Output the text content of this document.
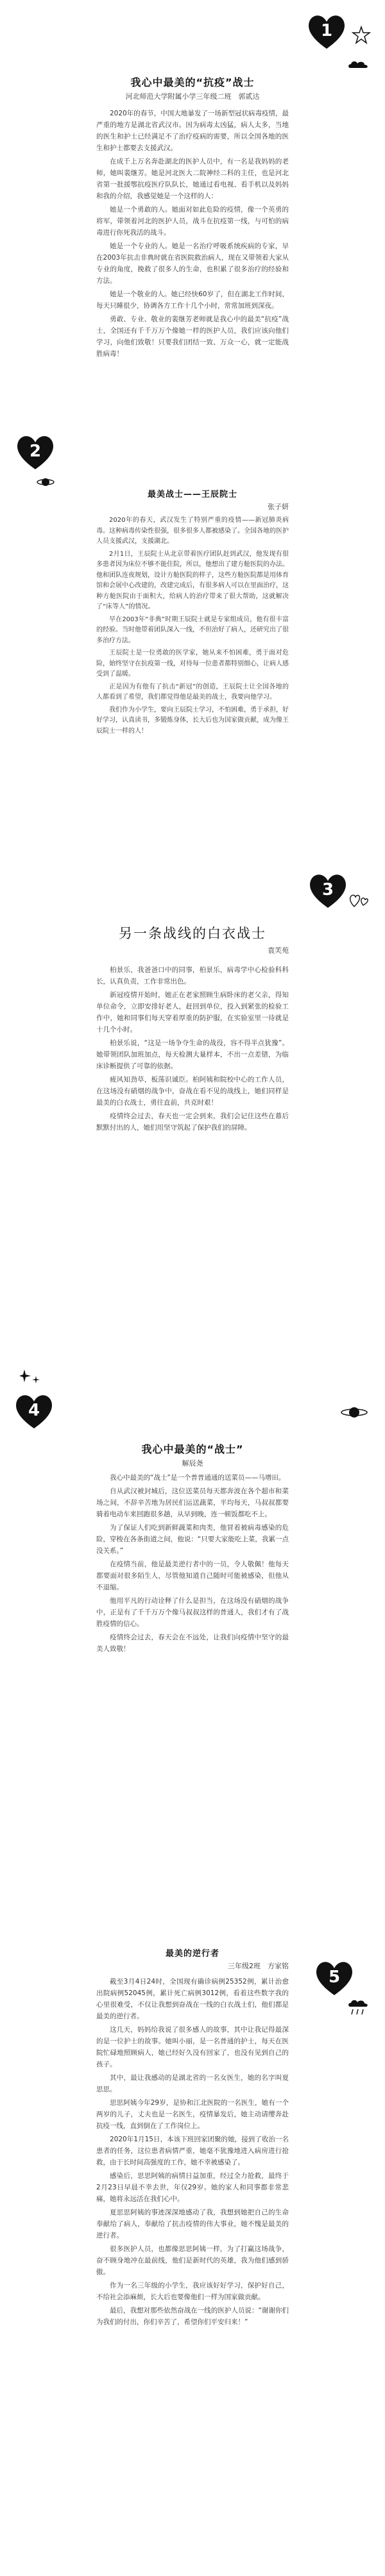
1
我心中最美的“抗疫”战士
河北师范大学附属小学三年级二班　郭贰达

2020年的春节，中国大地暴发了一场新型冠状病毒疫情，最严重的地方是湖北省武汉市。因为病毒太凶猛，病人太多，当地的医生和护士已经满足不了治疗疫病的需要，所以全国各地的医生和护士都要去支援武汉。

在成千上万名奔赴湖北的医护人员中，有一名是我妈妈的老师，她叫裴继芳。她是河北医大二院神经二科的主任，也是河北省第一批援鄂抗疫医疗队队长，她通过看电视、看手机以及妈妈和我的介绍，我感觉她是一个这样的人：

她是一个勇敢的人。她面对如此危险的疫情，像一个英勇的将军，带领着河北的医护人员，战斗在抗疫第一线，与可怕的病毒进行你死我活的战斗。

她是一个专业的人。她是一名治疗呼吸系统疾病的专家，早在2003年抗击非典时就在省医院救治病人，现在又带领着大家从专业的角度，挽救了很多人的生命，也积累了很多治疗的经验和方法。

她是一个敬业的人。她已经快60岁了，但在湖北工作时间，每天只睡很少，协调各方工作十几个小时，常常加班到深夜。

勇敢、专业、敬业的裴继芳老师就是我心中的最美“抗疫”战士，全国还有千千万万个像她一样的医护人员，我们应该向他们学习，向他们致敬！只要我们团结一致、万众一心，就一定能战胜病毒！

2
最美战士——王辰院士
张子妍

2020年的春天，武汉发生了特别严重的疫情——新冠肺炎病毒。这种病毒传染性很强，很多很多人都被感染了。全国各地的医护人员支援武汉，支援湖北。

2月1日，王辰院士从北京带着医疗团队赶到武汉，他发现有很多患者因为床位不够不能住院，所以，他想出了建方舱医院的办法。他和团队连夜规划，设计方舱医院的样子，这些方舱医院都是用体育馆和会展中心改建的，改建完成后，有很多病人可以在里面治疗，这种方舱医院由于面积大，给病人的治疗带来了很大帮助，这就解决了“床等人”的情况。

早在2003年“非典”时期王辰院士就是专家组成员，他有很丰富的经验。当时他带着团队深入一线，不但治好了病人，还研究出了很多治疗方法。

王辰院士是一位勇敢的医学家，她从来不怕困难，勇于面对危险，始终坚守在抗疫第一线，对待每一位患者都特别细心，让病人感受到了温暖。

正是因为有他有了抗击“新冠”的创造，王辰院士让全国各地的人都看到了希望，我们都觉得他是最美的战士，我要向他学习。

我们作为小学生，要向王辰院士学习，不怕困难，勇于承担，好好学习，认真读书，多锻炼身体，长大后也为国家做贡献，成为像王辰院士一样的人！

3
另一条战线的白衣战士
袁芙苑

柏景乐，我爸爸口中的同事，柏景乐，病毒学中心检验科科长，认真负责，工作非常出色。

新冠疫情开始时，她正在老家照顾生病卧床的老父亲，得知单位命令，立即安排好老人，赶回到单位，投入到紧张的检验工作中，她和同事们每天穿着厚重的防护服，在实验室里一待就是十几个小时。

柏景乐说，“这是一场争夺生命的战役，容不得半点犹豫”。她带领团队加班加点，每天检测大量样本，不出一点差错，为临床诊断提供了可靠的依据。

疲风知劲草，板荡识诚臣。柏阿姨和院校中心的工作人员，在这场没有硝烟的战争中，奋战在看不见的战线上，她们同样是最美的白衣战士，勇往直前，共克时艰！

疫情终会过去，春天也一定会到来，我们会记住这些在幕后默默付出的人，她们用坚守筑起了保护我们的屏障。

4
我心中最美的“战士”
解辰尧

我心中最美的“战士”是一个普普通通的送菜员——马增田。

自从武汉被封城后，这位送菜员每天都奔波在各个超市和菜场之间，不辞辛苦地为居民们运送蔬菜，平均每天，马叔叔都要骑着电动车来回跑很多趟，从早到晚，连一顿饭都吃不上。

为了保证人们吃到新鲜蔬菜和肉类，他冒着被病毒感染的危险，穿梭在各条街道之间，他说：“只要大家能吃上菜，我累一点没关系。”

在疫情当前，他是最美逆行者中的一员，令人敬佩！他每天都要面对很多陌生人，尽管他知道自己随时可能被感染，但他从不退缩。

他用平凡的行动诠释了什么是担当，在这场没有硝烟的战争中，正是有了千千万万个像马叔叔这样的普通人，我们才有了战胜疫情的信心。

疫情终会过去，春天会在不远处，让我们向疫情中坚守的最美人致敬！

5
最美的逆行者
三年级2班　方家铭

截至3月4日24时，全国现有确诊病例25352例，累计治愈出院病例52045例，累计死亡病例3012例，看着这些数字我的心里很难受，不仅让我想到奋战在一线的白衣战士们，他们都是最美的逆行者。

这几天，妈妈给我说了很多感人的故事，其中让我记得最深的是一位护士的故事。她叫小丽，是一名普通的护士，每天在医院忙碌地照顾病人，她已经好久没有回家了，也没有见到自己的孩子。

其中，最让我感动的是湖北省的一名女医生，她的名字叫夏思思。

思思阿姨今年29岁，是协和江北医院的一名医生，她有一个两岁的儿子，丈夫也是一名医生，疫情暴发后，她主动请缨奔赴抗疫一线，直到倒在了工作岗位上。

2020年1月15日，本该下班回家团聚的她，接到了收治一名患者的任务，这位患者病情严重，她毫不犹豫地进入病房进行抢救，由于长时间高强度的工作，她不幸被感染了。

感染后，思思阿姨的病情日益加重，经过全力抢救，最终于2月23日早晨不幸去世，年仅29岁。她的家人和同事都非常悲痛，她将永远活在我们心中。

夏思思阿姨的事迹深深地感动了我，我想到她把自己的生命奉献给了病人，奉献给了抗击疫情的伟大事业，她不愧是最美的逆行者。

很多医护人员，也都像思思阿姨一样，为了打赢这场战争，奋不顾身地冲在最前线，他们是新时代的英雄，我为他们感到骄傲。

作为一名三年级的小学生，我应该好好学习，保护好自己，不给社会添麻烦，长大后也要像他们一样为国家做贡献。

最后，我想对那些依然奋战在一线的医护人员说：“谢谢你们为我们的付出，你们辛苦了，希望你们平安归来！”
